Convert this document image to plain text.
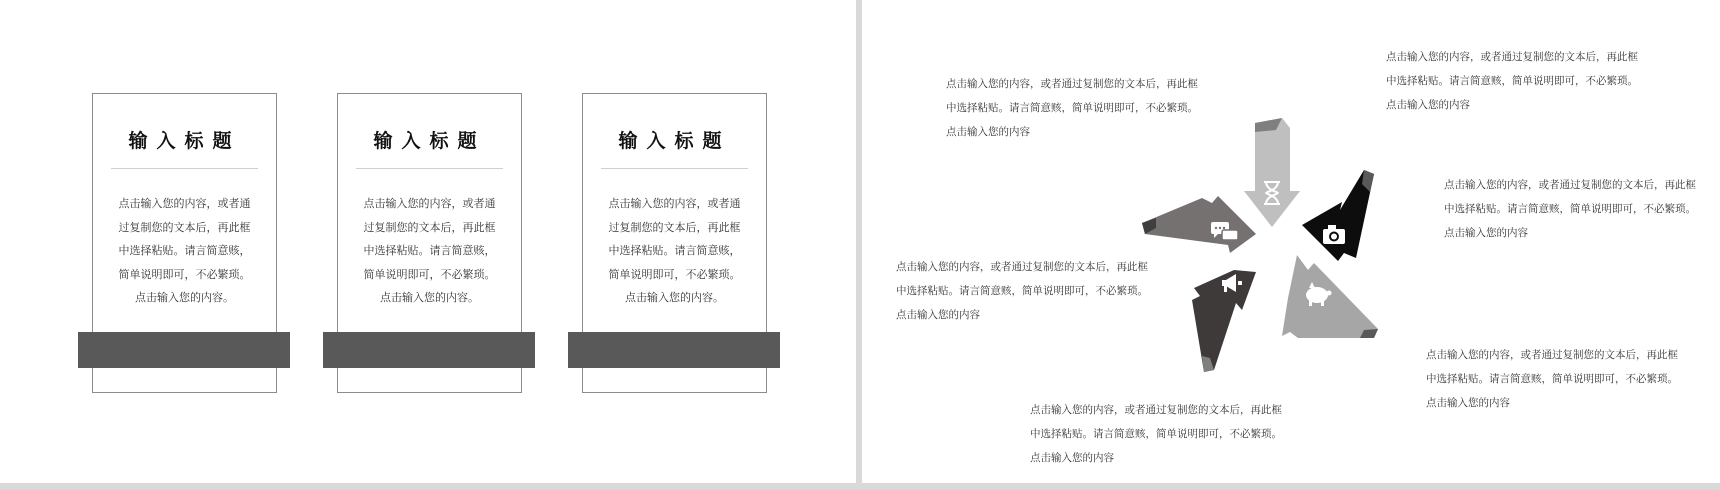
输入标题
点击输入您的内容，或者通过复制您的文本后，再此框中选择粘贴。请言简意赅，简单说明即可，不必繁琐。点击输入您的内容。
输入标题
点击输入您的内容，或者通过复制您的文本后，再此框中选择粘贴。请言简意赅，简单说明即可，不必繁琐。点击输入您的内容。
输入标题
点击输入您的内容，或者通过复制您的文本后，再此框中选择粘贴。请言简意赅，简单说明即可，不必繁琐。点击输入您的内容。
点击输入您的内容，或者通过复制您的文本后，再此框中选择粘贴。请言简意赅，简单说明即可，不必繁琐。点击输入您的内容
点击输入您的内容，或者通过复制您的文本后，再此框中选择粘贴。请言简意赅，简单说明即可，不必繁琐。点击输入您的内容
点击输入您的内容，或者通过复制您的文本后，再此框中选择粘贴。请言简意赅，简单说明即可，不必繁琐。点击输入您的内容
点击输入您的内容，或者通过复制您的文本后，再此框中选择粘贴。请言简意赅，简单说明即可，不必繁琐。点击输入您的内容
点击输入您的内容，或者通过复制您的文本后，再此框中选择粘贴。请言简意赅，简单说明即可，不必繁琐。点击输入您的内容
点击输入您的内容，或者通过复制您的文本后，再此框中选择粘贴。请言简意赅，简单说明即可，不必繁琐。点击输入您的内容
